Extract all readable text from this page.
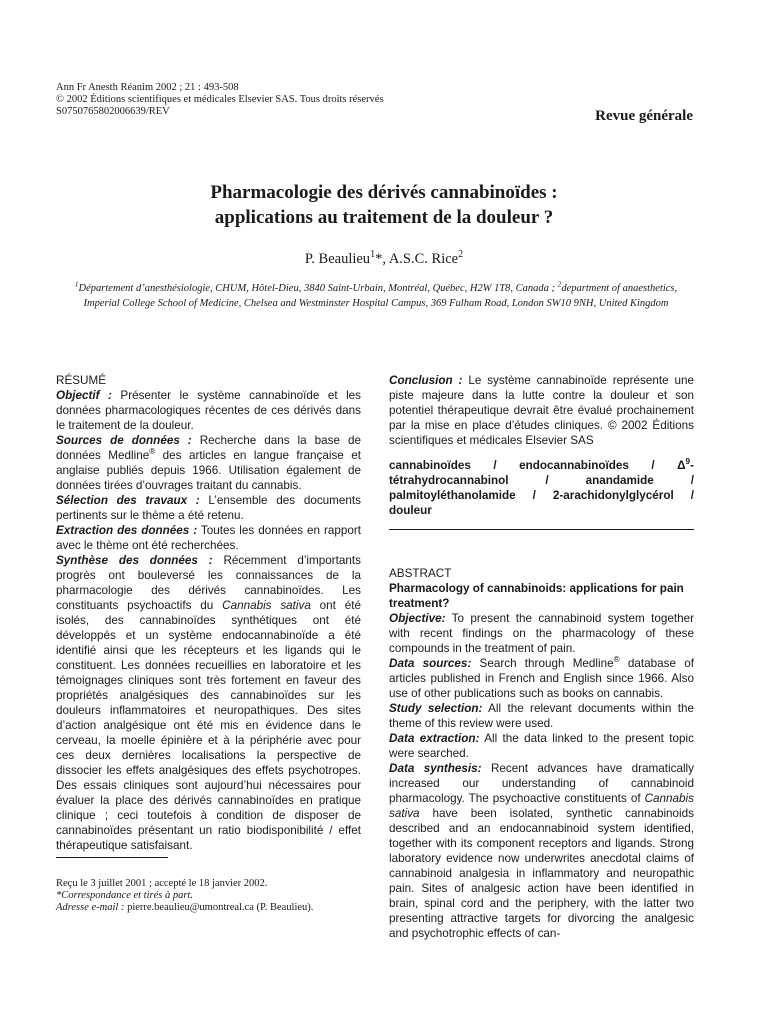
Ann Fr Anesth Réanim 2002 ; 21 : 493-508
© 2002 Éditions scientifiques et médicales Elsevier SAS. Tous droits réservés
S0750765802006639/REV	Revue générale
Pharmacologie des dérivés cannabinoïdes :
applications au traitement de la douleur ?
P. Beaulieu$^1$*, A.S.C. Rice$^2$
$^1$Département d’anesthésiologie, CHUM, Hôtel-Dieu, 3840 Saint-Urbain, Montréal, Québec, H2W 1T8, Canada ; $^2$department of anaesthetics, Imperial College School of Medicine, Chelsea and Westminster Hospital Campus, 369 Fulham Road, London SW10 9NH, United Kingdom

RÉSUMÉ

Objectif : Présenter le système cannabinoïde et les données pharmacologiques récentes de ces dérivés dans le traitement de la douleur.

Sources de données : Recherche dans la base de données Medline® des articles en langue française et anglaise publiés depuis 1966. Utilisation également de données tirées d’ouvrages traitant du cannabis.

Sélection des travaux : L’ensemble des documents pertinents sur le thème a été retenu.

Extraction des données : Toutes les données en rapport avec le thème ont été recherchées.

Synthèse des données : Récemment d’importants progrès ont bouleversé les connaissances de la pharmacologie des dérivés cannabinoïdes. Les constituants psychoactifs du Cannabis sativa ont été isolés, des cannabinoïdes synthétiques ont été développés et un système endocannabinoïde a été identifié ainsi que les récepteurs et les ligands qui le constituent. Les données recueillies en laboratoire et les témoignages cliniques sont très fortement en faveur des propriétés analgésiques des cannabinoïdes sur les douleurs inflammatoires et neuropathiques. Des sites d’action analgésique ont été mis en évidence dans le cerveau, la moelle épinière et à la périphérie avec pour ces deux dernières localisations la perspective de dissocier les effets analgésiques des effets psychotropes. Des essais cliniques sont aujourd’hui nécessaires pour évaluer la place des dérivés cannabinoïdes en pratique clinique ; ceci toutefois à condition de disposer de cannabinoïdes présentant un ratio biodisponibilité / effet thérapeutique satisfaisant.

Conclusion : Le système cannabinoïde représente une piste majeure dans la lutte contre la douleur et son potentiel thérapeutique devrait être évalué prochainement par la mise en place d’études cliniques. © 2002 Éditions scientifiques et médicales Elsevier SAS

cannabinoïdes / endocannabinoïdes / $\Delta^9$-tétrahydrocannabinol / anandamide / palmitoyléthanolamide / 2-arachidonylglycérol / douleur

ABSTRACT

Pharmacology of cannabinoids: applications for pain treatment?

Objective: To present the cannabinoid system together with recent findings on the pharmacology of these compounds in the treatment of pain.

Data sources: Search through Medline® database of articles published in French and English since 1966. Also use of other publications such as books on cannabis.

Study selection: All the relevant documents within the theme of this review were used.

Data extraction: All the data linked to the present topic were searched.

Data synthesis: Recent advances have dramatically increased our understanding of cannabinoid pharmacology. The psychoactive constituents of Cannabis sativa have been isolated, synthetic cannabinoids described and an endocannabinoid system identified, together with its component receptors and ligands. Strong laboratory evidence now underwrites anecdotal claims of cannabinoid analgesia in inflammatory and neuropathic pain. Sites of analgesic action have been identified in brain, spinal cord and the periphery, with the latter two presenting attractive targets for divorcing the analgesic and psychotrophic effects of can-

Reçu le 3 juillet 2001 ; accepté le 18 janvier 2002.
*Correspondance et tirés à part.
Adresse e-mail : pierre.beaulieu@umontreal.ca (P. Beaulieu).
